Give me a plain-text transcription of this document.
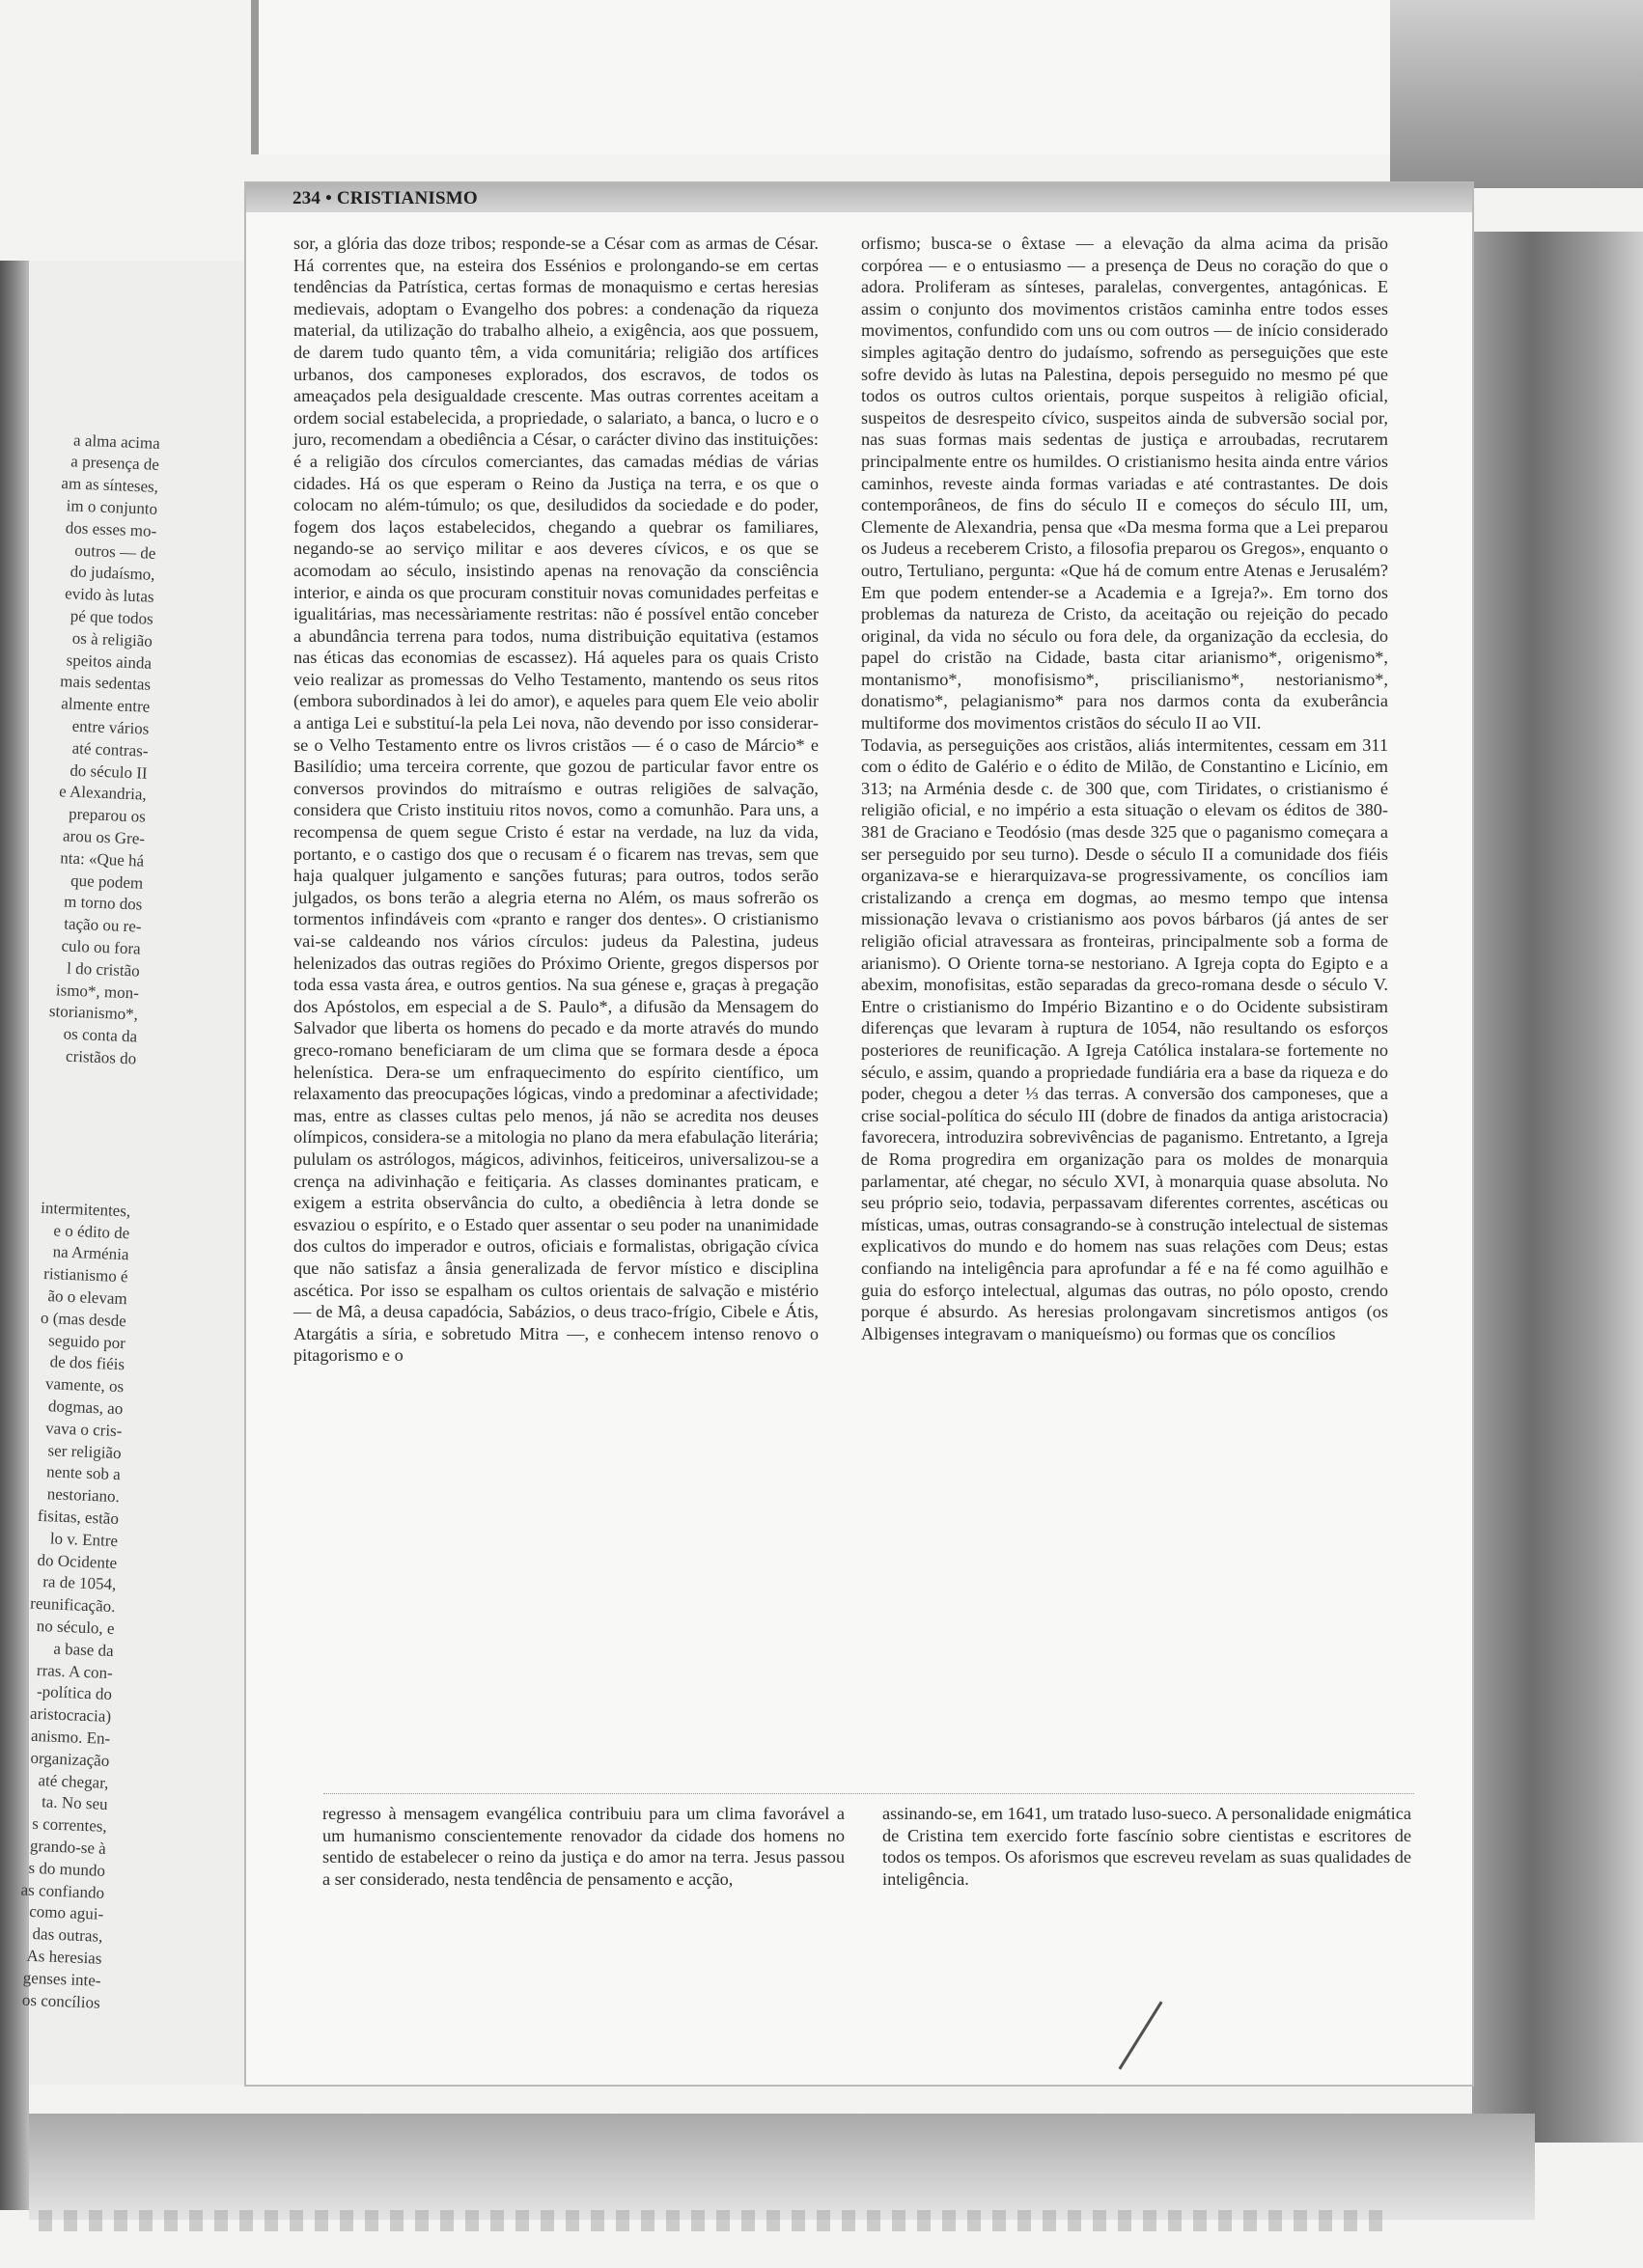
a alma acima
a presença de
am as sínteses,
im o conjunto
dos esses mo-
outros — de
do judaísmo,
evido às lutas
pé que todos
os à religião
speitos ainda
mais sedentas
almente entre
entre vários
até contras-
do século II
e Alexandria,
preparou os
arou os Gre-
nta: «Que há
que podem
m torno dos
tação ou re-
culo ou fora
l do cristão
ismo*, mon-
storianismo*,
os conta da
cristãos do

intermitentes,
e o édito de
na Arménia
ristianismo é
ão o elevam
o (mas desde
seguido por
de dos fiéis
vamente, os
dogmas, ao
vava o cris-
ser religião
nente sob a
nestoriano.
fisitas, estão
lo v. Entre
do Ocidente
ra de 1054,
reunificação.
no século, e
a base da
rras. A con-
-política do
aristocracia)
anismo. En-
organização
até chegar,
ta. No seu
s correntes,
grando-se à
s do mundo
as confiando
como agui-
das outras,
As heresias
genses inte-
os concílios

234 • CRISTIANISMO

sor, a glória das doze tribos; responde-se a César com as armas de César. Há correntes que, na esteira dos Essénios e prolongando-se em certas tendências da Patrística, certas formas de monaquismo e certas heresias medievais, adoptam o Evangelho dos pobres: a condenação da riqueza material, da utilização do trabalho alheio, a exigência, aos que possuem, de darem tudo quanto têm, a vida comunitária; religião dos artífices urbanos, dos camponeses explorados, dos escravos, de todos os ameaçados pela desigualdade crescente. Mas outras correntes aceitam a ordem social estabelecida, a propriedade, o salariato, a banca, o lucro e o juro, recomendam a obediência a César, o carácter divino das instituições: é a religião dos círculos comerciantes, das camadas médias de várias cidades. Há os que esperam o Reino da Justiça na terra, e os que o colocam no além-túmulo; os que, desiludidos da sociedade e do poder, fogem dos laços estabelecidos, chegando a quebrar os familiares, negando-se ao serviço militar e aos deveres cívicos, e os que se acomodam ao século, insistindo apenas na renovação da consciência interior, e ainda os que procuram constituir novas comunidades perfeitas e igualitárias, mas necessàriamente restritas: não é possível então conceber a abundância terrena para todos, numa distribuição equitativa (estamos nas éticas das economias de escassez). Há aqueles para os quais Cristo veio realizar as promessas do Velho Testamento, mantendo os seus ritos (embora subordinados à lei do amor), e aqueles para quem Ele veio abolir a antiga Lei e substituí-la pela Lei nova, não devendo por isso considerar-se o Velho Testamento entre os livros cristãos — é o caso de Márcio* e Basilídio; uma terceira corrente, que gozou de particular favor entre os conversos provindos do mitraísmo e outras religiões de salvação, considera que Cristo instituiu ritos novos, como a comunhão. Para uns, a recompensa de quem segue Cristo é estar na verdade, na luz da vida, portanto, e o castigo dos que o recusam é o ficarem nas trevas, sem que haja qualquer julgamento e sanções futuras; para outros, todos serão julgados, os bons terão a alegria eterna no Além, os maus sofrerão os tormentos infindáveis com «pranto e ranger dos dentes». O cristianismo vai-se caldeando nos vários círculos: judeus da Palestina, judeus helenizados das outras regiões do Próximo Oriente, gregos dispersos por toda essa vasta área, e outros gentios. Na sua génese e, graças à pregação dos Apóstolos, em especial a de S. Paulo*, a difusão da Mensagem do Salvador que liberta os homens do pecado e da morte através do mundo greco-romano beneficiaram de um clima que se formara desde a época helenística. Dera-se um enfraquecimento do espírito científico, um relaxamento das preocupações lógicas, vindo a predominar a afectividade; mas, entre as classes cultas pelo menos, já não se acredita nos deuses olímpicos, considera-se a mitologia no plano da mera efabulação literária; pululam os astrólogos, mágicos, adivinhos, feiticeiros, universalizou-se a crença na adivinhação e feitiçaria. As classes dominantes praticam, e exigem a estrita observância do culto, a obediência à letra donde se esvaziou o espírito, e o Estado quer assentar o seu poder na unanimidade dos cultos do imperador e outros, oficiais e formalistas, obrigação cívica que não satisfaz a ânsia generalizada de fervor místico e disciplina ascética. Por isso se espalham os cultos orientais de salvação e mistério — de Mâ, a deusa capadócia, Sabázios, o deus traco-frígio, Cibele e Átis, Atargátis a síria, e sobretudo Mitra —, e conhecem intenso renovo o pitagorismo e o

orfismo; busca-se o êxtase — a elevação da alma acima da prisão corpórea — e o entusiasmo — a presença de Deus no coração do que o adora. Proliferam as sínteses, paralelas, convergentes, antagónicas. E assim o conjunto dos movimentos cristãos caminha entre todos esses movimentos, confundido com uns ou com outros — de início considerado simples agitação dentro do judaísmo, sofrendo as perseguições que este sofre devido às lutas na Palestina, depois perseguido no mesmo pé que todos os outros cultos orientais, porque suspeitos à religião oficial, suspeitos de desrespeito cívico, suspeitos ainda de subversão social por, nas suas formas mais sedentas de justiça e arroubadas, recrutarem principalmente entre os humildes. O cristianismo hesita ainda entre vários caminhos, reveste ainda formas variadas e até contrastantes. De dois contemporâneos, de fins do século II e começos do século III, um, Clemente de Alexandria, pensa que «Da mesma forma que a Lei preparou os Judeus a receberem Cristo, a filosofia preparou os Gregos», enquanto o outro, Tertuliano, pergunta: «Que há de comum entre Atenas e Jerusalém? Em que podem entender-se a Academia e a Igreja?». Em torno dos problemas da natureza de Cristo, da aceitação ou rejeição do pecado original, da vida no século ou fora dele, da organização da ecclesia, do papel do cristão na Cidade, basta citar arianismo*, origenismo*, montanismo*, monofisismo*, priscilianismo*, nestorianismo*, donatismo*, pelagianismo* para nos darmos conta da exuberância multiforme dos movimentos cristãos do século II ao VII.

Todavia, as perseguições aos cristãos, aliás intermitentes, cessam em 311 com o édito de Galério e o édito de Milão, de Constantino e Licínio, em 313; na Arménia desde c. de 300 que, com Tiridates, o cristianismo é religião oficial, e no império a esta situação o elevam os éditos de 380-381 de Graciano e Teodósio (mas desde 325 que o paganismo começara a ser perseguido por seu turno). Desde o século II a comunidade dos fiéis organizava-se e hierarquizava-se progressivamente, os concílios iam cristalizando a crença em dogmas, ao mesmo tempo que intensa missionação levava o cristianismo aos povos bárbaros (já antes de ser religião oficial atravessara as fronteiras, principalmente sob a forma de arianismo). O Oriente torna-se nestoriano. A Igreja copta do Egipto e a abexim, monofisitas, estão separadas da greco-romana desde o século V. Entre o cristianismo do Império Bizantino e o do Ocidente subsistiram diferenças que levaram à ruptura de 1054, não resultando os esforços posteriores de reunificação. A Igreja Católica instalara-se fortemente no século, e assim, quando a propriedade fundiária era a base da riqueza e do poder, chegou a deter ⅓ das terras. A conversão dos camponeses, que a crise social-política do século III (dobre de finados da antiga aristocracia) favorecera, introduzira sobrevivências de paganismo. Entretanto, a Igreja de Roma progredira em organização para os moldes de monarquia parlamentar, até chegar, no século XVI, à monarquia quase absoluta. No seu próprio seio, todavia, perpassavam diferentes correntes, ascéticas ou místicas, umas, outras consagrando-se à construção intelectual de sistemas explicativos do mundo e do homem nas suas relações com Deus; estas confiando na inteligência para aprofundar a fé e na fé como aguilhão e guia do esforço intelectual, algumas das outras, no pólo oposto, crendo porque é absurdo. As heresias prolongavam sincretismos antigos (os Albigenses integravam o maniqueísmo) ou formas que os concílios

regresso à mensagem evangélica contribuiu para um clima favorável a um humanismo conscientemente renovador da cidade dos homens no sentido de estabelecer o reino da justiça e do amor na terra. Jesus passou a ser considerado, nesta tendência de pensamento e acção,

assinando-se, em 1641, um tratado luso-sueco. A personalidade enigmática de Cristina tem exercido forte fascínio sobre cientistas e escritores de todos os tempos. Os aforismos que escreveu revelam as suas qualidades de inteligência.
